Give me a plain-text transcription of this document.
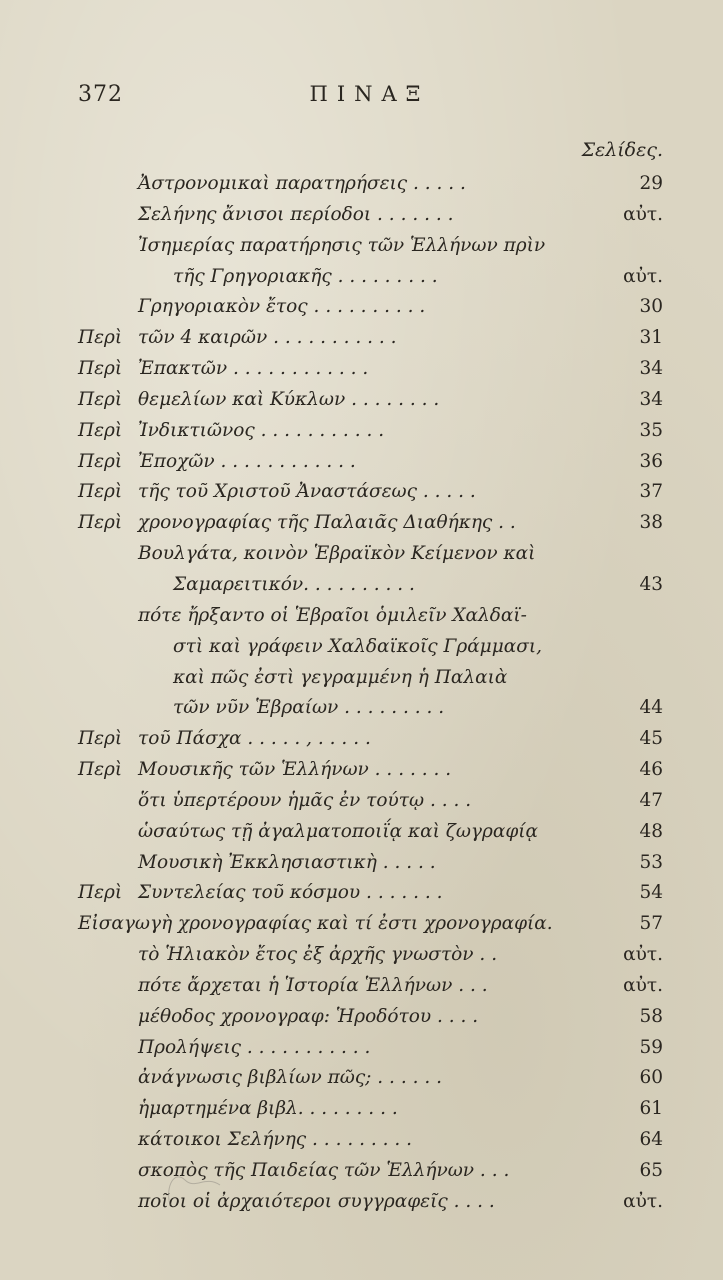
372	ΠΙΝΑΞ
Σελίδες.
Ἀστρονομικαὶ παρατηρήσεις . . . . .	29
Σελήνης ἄνισοι περίοδοι . . . . . . .	αὐτ.
Ἰσημερίας παρατήρησις τῶν Ἑλλήνων πρὶν
τῆς Γρηγοριακῆς . . . . . . . . .	αὐτ.
Γρηγοριακὸν ἔτος . . . . . . . . . .	30
Περὶ τῶν 4 καιρῶν . . . . . . . . . . .	31
Περὶ Ἐπακτῶν . . . . . . . . . . . .	34
Περὶ θεμελίων καὶ Κύκλων . . . . . . . .	34
Περὶ Ἰνδικτιῶνος . . . . . . . . . . .	35
Περὶ Ἐποχῶν . . . . . . . . . . . .	36
Περὶ τῆς τοῦ Χριστοῦ Ἀναστάσεως . . . . .	37
Περὶ χρονογραφίας τῆς Παλαιᾶς Διαθήκης . .	38
Βουλγάτα, κοινὸν Ἑβραϊκὸν Κείμενον καὶ
Σαμαρειτικόν. . . . . . . . . .	43
πότε ἤρξαντο οἱ Ἑβραῖοι ὁμιλεῖν Χαλδαϊ-
στὶ καὶ γράφειν Χαλδαϊκοῖς Γράμμασι,
καὶ πῶς ἐστὶ γεγραμμένη ἡ Παλαιὰ
τῶν νῦν Ἑβραίων . . . . . . . . .	44
Περὶ τοῦ Πάσχα . . . . . , . . . . .	45
Περὶ Μουσικῆς τῶν Ἑλλήνων . . . . . . .	46
ὅτι ὑπερτέρουν ἡμᾶς ἐν τούτῳ . . . .	47
ὡσαύτως τῇ ἀγαλματοποιΐᾳ καὶ ζωγραφίᾳ	48
Μουσικὴ Ἐκκλησιαστικὴ . . . . .	53
Περὶ Συντελείας τοῦ κόσμου . . . . . . .	54
Εἰσαγωγὴ χρονογραφίας καὶ τί ἐστι χρονογραφία.	57
τὸ Ἡλιακὸν ἔτος ἐξ ἀρχῆς γνωστὸν . .	αὐτ.
πότε ἄρχεται ἡ Ἱστορία Ἑλλήνων . . .	αὐτ.
μέθοδος χρονογραφ: Ἡροδότου . . . .	58
Προλήψεις . . . . . . . . . . .	59
ἀνάγνωσις βιβλίων πῶς; . . . . . .	60
ἡμαρτημένα βιβλ. . . . . . . . .	61
κάτοικοι Σελήνης . . . . . . . . .	64
σκοπὸς τῆς Παιδείας τῶν Ἑλλήνων . . .	65
ποῖοι οἱ ἀρχαιότεροι συγγραφεῖς . . . .	αὐτ.
